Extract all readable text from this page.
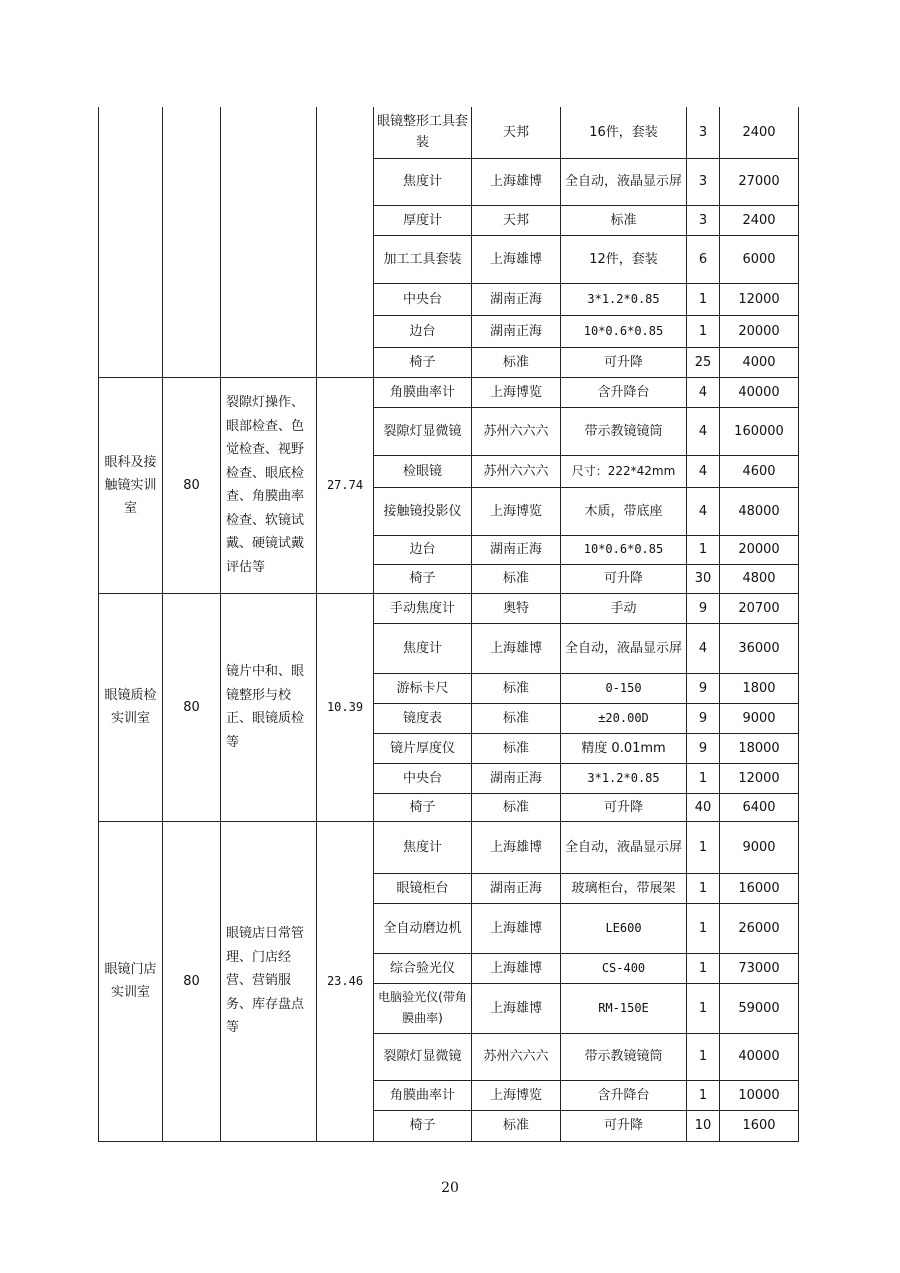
				眼镜整形工具套装	天邦	16件，套装	3	2400
				焦度计	上海雄博	全自动，液晶显示屏	3	27000
				厚度计	天邦	标准	3	2400
				加工工具套装	上海雄博	12件，套装	6	6000
				中央台	湖南正海	3*1.2*0.85	1	12000
				边台	湖南正海	10*0.6*0.85	1	20000
				椅子	标准	可升降	25	4000
眼科及接触镜实训室	80	裂隙灯操作、眼部检查、色觉检查、视野检查、眼底检查、角膜曲率检查、软镜试戴、硬镜试戴评估等	27.74	角膜曲率计	上海博览	含升降台	4	40000
				裂隙灯显微镜	苏州六六六	带示教镜镜筒	4	160000
				检眼镜	苏州六六六	尺寸：222*42mm	4	4600
				接触镜投影仪	上海博览	木质，带底座	4	48000
				边台	湖南正海	10*0.6*0.85	1	20000
				椅子	标准	可升降	30	4800
眼镜质检实训室	80	镜片中和、眼镜整形与校正、眼镜质检等	10.39	手动焦度计	奥特	手动	9	20700
				焦度计	上海雄博	全自动，液晶显示屏	4	36000
				游标卡尺	标准	0-150	9	1800
				镜度表	标准	±20.00D	9	9000
				镜片厚度仪	标准	精度 0.01mm	9	18000
				中央台	湖南正海	3*1.2*0.85	1	12000
				椅子	标准	可升降	40	6400
眼镜门店实训室	80	眼镜店日常管理、门店经营、营销服务、库存盘点等	23.46	焦度计	上海雄博	全自动，液晶显示屏	1	9000
				眼镜柜台	湖南正海	玻璃柜台，带展架	1	16000
				全自动磨边机	上海雄博	LE600	1	26000
				综合验光仪	上海雄博	CS-400	1	73000
				电脑验光仪(带角膜曲率)	上海雄博	RM-150E	1	59000
				裂隙灯显微镜	苏州六六六	带示教镜镜筒	1	40000
				角膜曲率计	上海博览	含升降台	1	10000
				椅子	标准	可升降	10	1600
20
